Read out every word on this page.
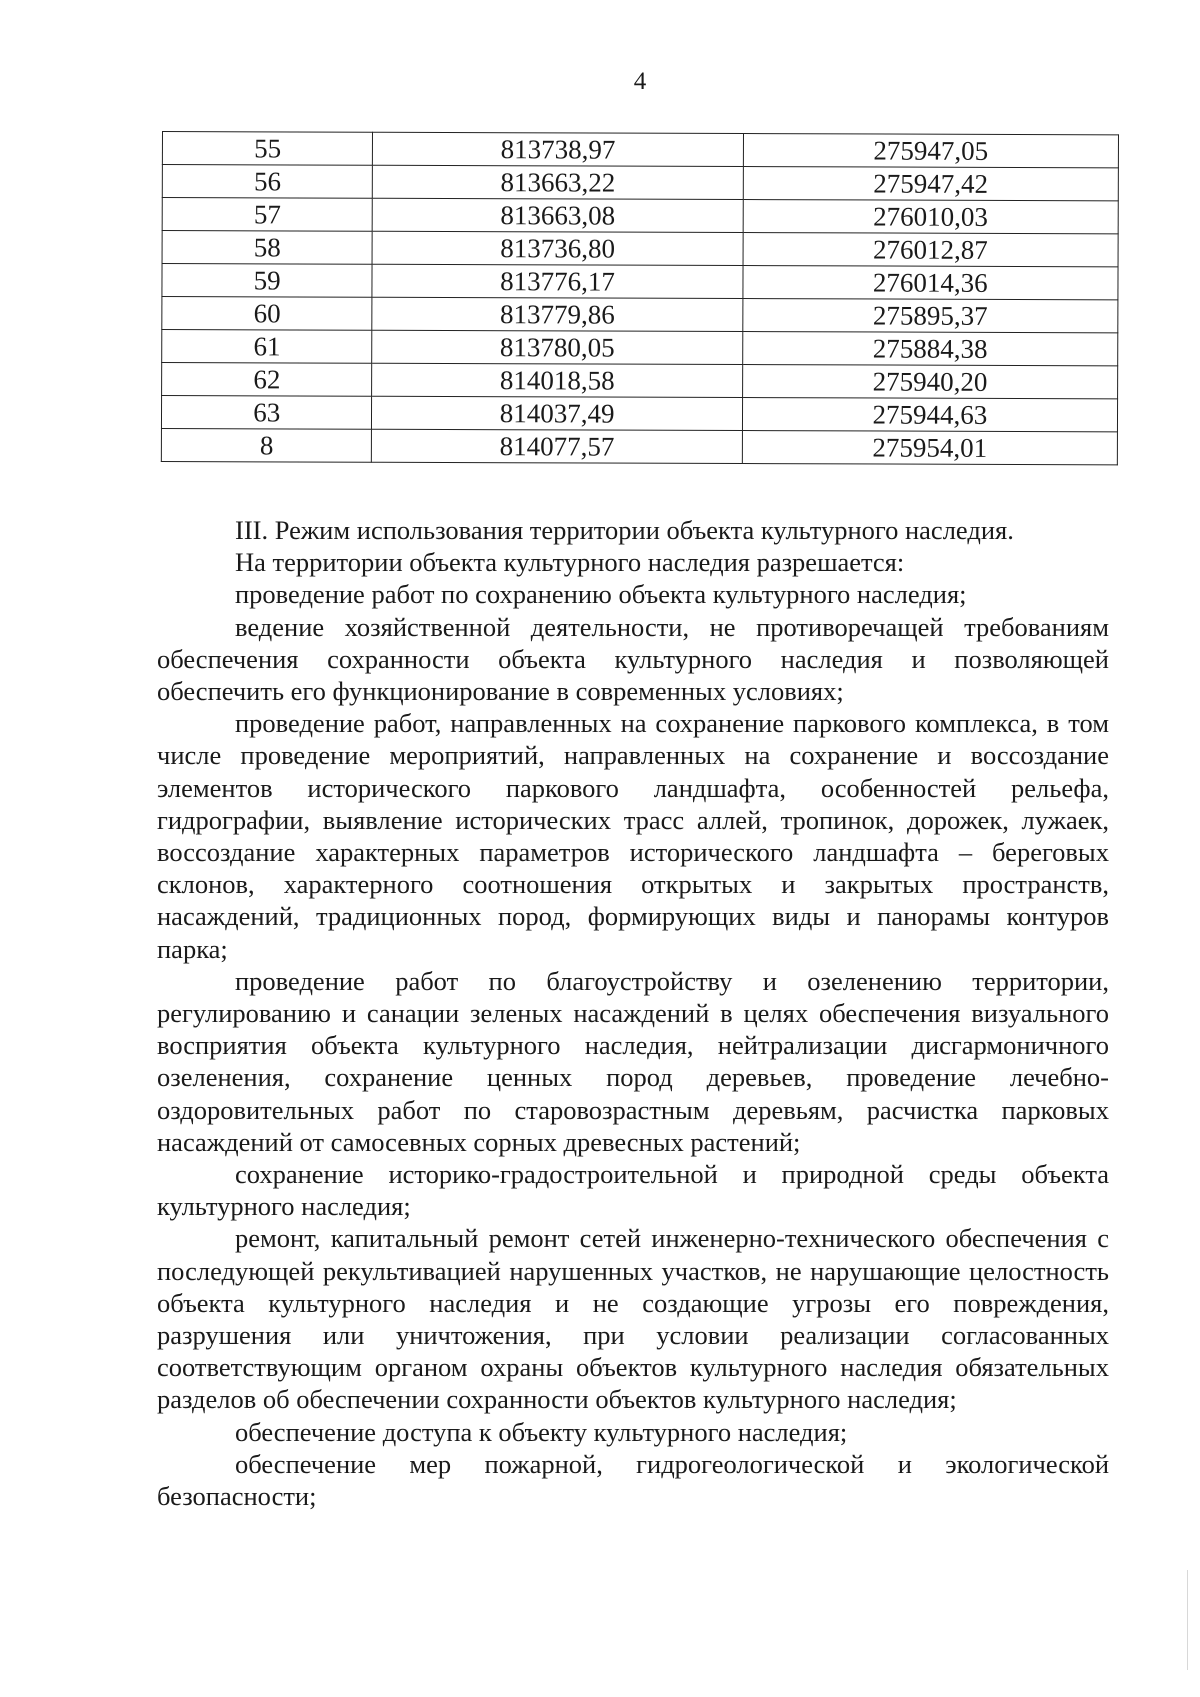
4
55	813738,97	275947,05
56	813663,22	275947,42
57	813663,08	276010,03
58	813736,80	276012,87
59	813776,17	276014,36
60	813779,86	275895,37
61	813780,05	275884,38
62	814018,58	275940,20
63	814037,49	275944,63
8	814077,57	275954,01

III. Режим использования территории объекта культурного наследия.

На территории объекта культурного наследия разрешается:

проведение работ по сохранению объекта культурного наследия;

ведение хозяйственной деятельности, не противоречащей требованиям обеспечения сохранности объекта культурного наследия и позволяющей обеспечить его функционирование в современных условиях;

проведение работ, направленных на сохранение паркового комплекса, в том числе проведение мероприятий, направленных на сохранение и воссоздание элементов исторического паркового ландшафта, особенностей рельефа, гидрографии, выявление исторических трасс аллей, тропинок, дорожек, лужаек, воссоздание характерных параметров исторического ландшафта – береговых склонов, характерного соотношения открытых и закрытых пространств, насаждений, традиционных пород, формирующих виды и панорамы контуров парка;

проведение работ по благоустройству и озеленению территории, регулированию и санации зеленых насаждений в целях обеспечения визуального восприятия объекта культурного наследия, нейтрализации дисгармоничного озеленения, сохранение ценных пород деревьев, проведение лечебно-оздоровительных работ по старовозрастным деревьям, расчистка парковых насаждений от самосевных сорных древесных растений;

сохранение историко-градостроительной и природной среды объекта культурного наследия;

ремонт, капитальный ремонт сетей инженерно-технического обеспечения с последующей рекультивацией нарушенных участков, не нарушающие целостность объекта культурного наследия и не создающие угрозы его повреждения, разрушения или уничтожения, при условии реализации согласованных соответствующим органом охраны объектов культурного наследия обязательных разделов об обеспечении сохранности объектов культурного наследия;

обеспечение доступа к объекту культурного наследия;

обеспечение мер пожарной, гидрогеологической и экологической безопасности;
